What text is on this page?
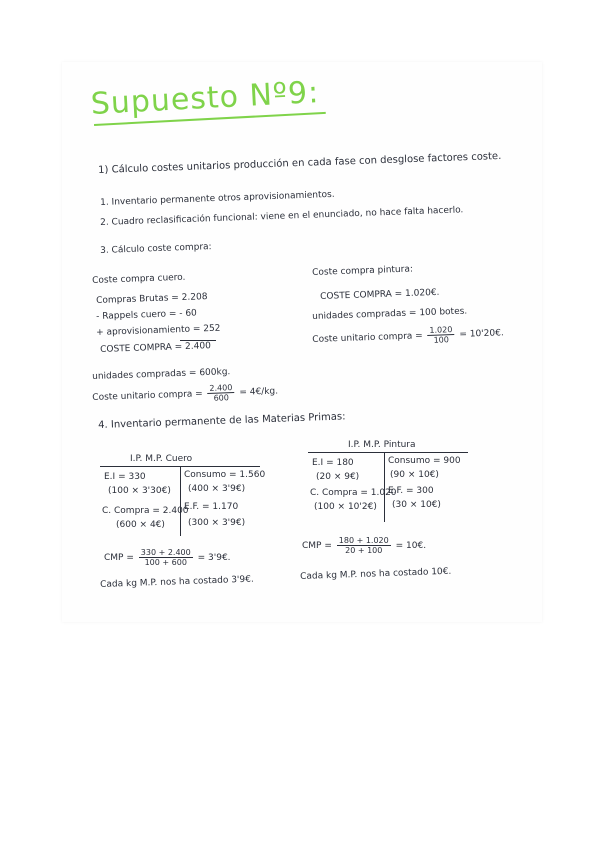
Supuesto Nº9:
1) Cálculo costes unitarios producción en cada fase con desglose factores coste.
1. Inventario permanente otros aprovisionamientos.
2. Cuadro reclasificación funcional: viene en el enunciado, no hace falta hacerlo.
3. Cálculo coste compra:
Coste compra cuero.
Compras Brutas = 2.208
- Rappels cuero = - 60
+ aprovisionamiento = 252
COSTE COMPRA = 2.400
unidades compradas = 600kg.
Coste unitario compra = $\frac{2.400}{600}$ = 4€/kg.
Coste compra pintura:
COSTE COMPRA = 1.020€.
unidades compradas = 100 botes.
Coste unitario compra = $\frac{1.020}{100}$ = 10'20€.
4. Inventario permanente de las Materias Primas:
I.P. M.P. Cuero
E.I = 330
(100 × 3'30€)
C. Compra = 2.400
(600 × 4€)
Consumo = 1.560
(400 × 3'9€)
E.F. = 1.170
(300 × 3'9€)
CMP = $\frac{330 + 2.400}{100 + 600}$ = 3'9€.
Cada kg M.P. nos ha costado 3'9€.
I.P. M.P. Pintura
E.I = 180
(20 × 9€)
C. Compra = 1.020
(100 × 10'2€)
Consumo = 900
(90 × 10€)
E.F. = 300
(30 × 10€)
CMP = $\frac{180 + 1.020}{20 + 100}$ = 10€.
Cada kg M.P. nos ha costado 10€.
